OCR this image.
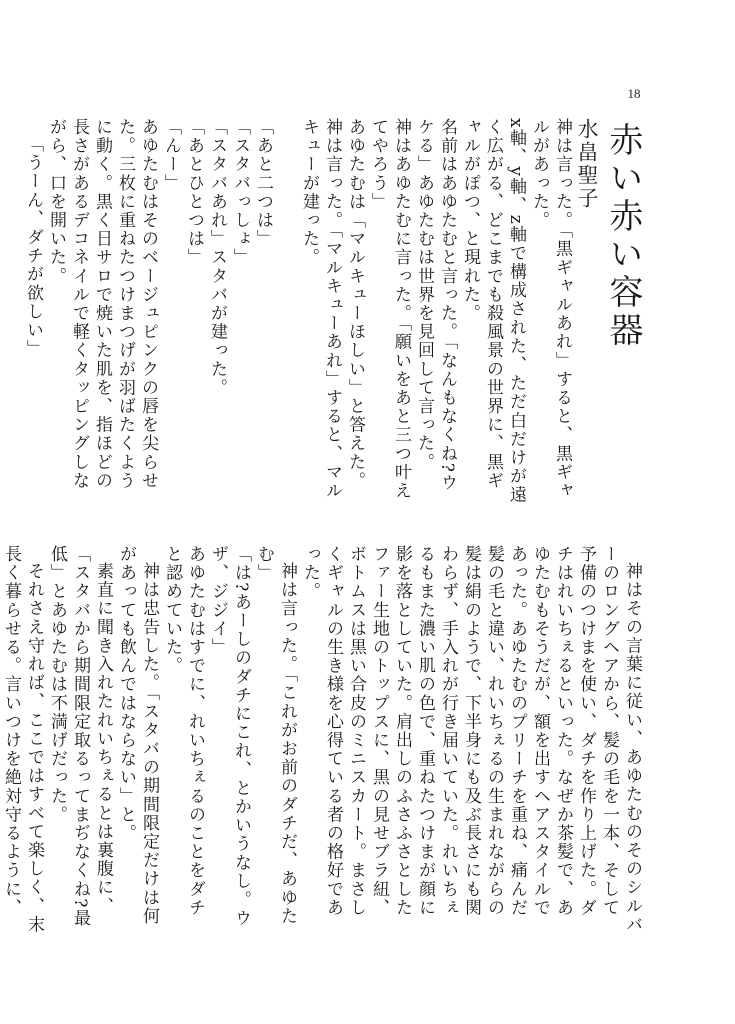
18
赤い赤い容器
水畠聖子

神は言った。「黒ギャルあれ」すると、黒ギャルがあった。

x軸、y軸、z軸で構成された、ただ白だけが遠く広がる、どこまでも殺風景の世界に、黒ギャルがぽつ、と現れた。

名前はあゆたむと言った。「なんもなくね?ウケる」あゆたむは世界を見回して言った。

神はあゆたむに言った。「願いをあと三つ叶えてやろう」

あゆたむは「マルキューほしい」と答えた。

神は言った。「マルキューあれ」すると、マルキューが建った。

「あと二つは」

「スタバっしょ」

「スタバあれ」スタバが建った。

「あとひとつは」

「んー」

あゆたむはそのベージュピンクの唇を尖らせた。三枚に重ねたつけまつげが羽ばたくように動く。黒く日サロで焼いた肌を、指ほどの長さがあるデコネイルで軽くタッピングしながら、口を開いた。

「うーん、ダチが欲しい」

神はその言葉に従い、あゆたむのそのシルバーのロングヘアから、髪の毛を一本、そして予備のつけまを使い、ダチを作り上げた。ダチはれいちぇるといった。なぜか茶髪で、あゆたむもそうだが、額を出すヘアスタイルであった。あゆたむのプリーチを重ね、痛んだ髪の毛と違い、れいちぇるの生まれながらの髪は絹のようで、下半身にも及ぶ長さにも関わらず、手入れが行き届いていた。れいちぇるもまた濃い肌の色で、重ねたつけまが顔に影を落としていた。肩出しのふさふさとしたファー生地のトップスに、黒の見せブラ紐、ボトムスは黒い合皮のミニスカート。まさしくギャルの生き様を心得ている者の格好であった。

神は言った。「これがお前のダチだ、あゆたむ」

「は?あーしのダチにこれ、とかいうなし。ウザ、ジジイ」

あゆたむはすでに、れいちぇるのことをダチと認めていた。

神は忠告した。「スタバの期間限定だけは何があっても飲んではならない」と。

素直に聞き入れたれいちぇるとは裏腹に、「スタバから期間限定取るってまぢなくね?最低」とあゆたむは不満げだった。

それさえ守れば、ここではすべて楽しく、末長く暮らせる。言いつけを絶対守るように、
